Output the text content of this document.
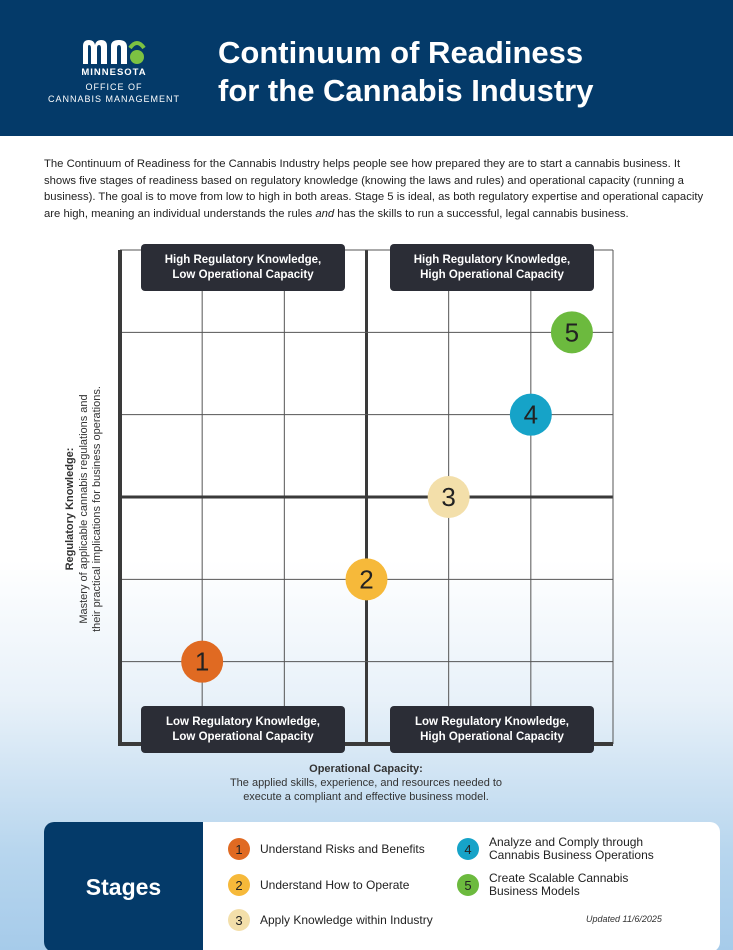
MINNESOTA
OFFICE OF
CANNABIS MANAGEMENT
Continuum of Readiness
for the Cannabis Industry
The Continuum of Readiness for the Cannabis Industry helps people see how prepared they are to start a cannabis business. It shows five stages of readiness based on regulatory knowledge (knowing the laws and rules) and operational capacity (running a business). The goal is to move from low to high in both areas. Stage 5 is ideal, as both regulatory expertise and operational capacity are high, meaning an individual understands the rules and has the skills to run a successful, legal cannabis business.
1
2
3
4
5
High Regulatory Knowledge,
Low Operational Capacity
High Regulatory Knowledge,
High Operational Capacity
Low Regulatory Knowledge,
Low Operational Capacity
Low Regulatory Knowledge,
High Operational Capacity
Regulatory Knowledge: Mastery of applicable cannabis regulations and their practical implications for business operations.
Operational Capacity:
The applied skills, experience, and resources needed to
execute a compliant and effective business model.
Stages
1	Understand Risks and Benefits
2	Understand How to Operate
3	Apply Knowledge within Industry
4	Analyze and Comply through
Cannabis Business Operations
5	Create Scalable Cannabis
Business Models
Updated 11/6/2025
